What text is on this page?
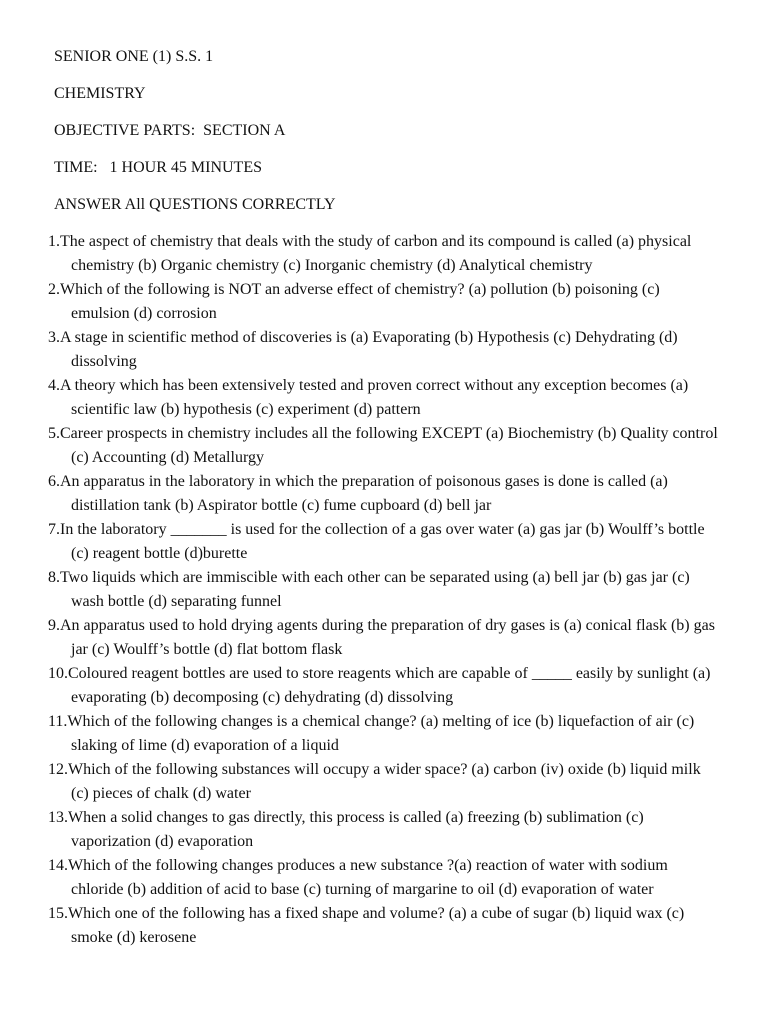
SENIOR ONE (1) S.S. 1
CHEMISTRY
OBJECTIVE PARTS:  SECTION A
TIME:   1 HOUR 45 MINUTES
ANSWER All QUESTIONS CORRECTLY

1.The aspect of chemistry that deals with the study of carbon and its compound is called (a) physical chemistry (b) Organic chemistry (c) Inorganic chemistry (d) Analytical chemistry

2.Which of the following is NOT an adverse effect of chemistry? (a) pollution (b) poisoning (c) emulsion (d) corrosion

3.A stage in scientific method of discoveries is (a) Evaporating (b) Hypothesis (c) Dehydrating (d) dissolving

4.A theory which has been extensively tested and proven correct without any exception becomes (a) scientific law (b) hypothesis (c) experiment (d) pattern

5.Career prospects in chemistry includes all the following EXCEPT (a) Biochemistry (b) Quality control (c) Accounting (d) Metallurgy

6.An apparatus in the laboratory in which the preparation of poisonous gases is done is called (a) distillation tank (b) Aspirator bottle (c) fume cupboard (d) bell jar

7.In the laboratory _______ is used for the collection of a gas over water (a) gas jar (b) Woulff’s bottle (c) reagent bottle (d)burette

8.Two liquids which are immiscible with each other can be separated using (a) bell jar (b) gas jar (c) wash bottle (d) separating funnel

9.An apparatus used to hold drying agents during the preparation of dry gases is (a) conical flask (b) gas jar (c) Woulff’s bottle (d) flat bottom flask

10.Coloured reagent bottles are used to store reagents which are capable of _____ easily by sunlight (a) evaporating (b) decomposing (c) dehydrating (d) dissolving

11.Which of the following changes is a chemical change? (a) melting of ice (b) liquefaction of air (c) slaking of lime (d) evaporation of a liquid

12.Which of the following substances will occupy a wider space? (a) carbon (iv) oxide (b) liquid milk (c) pieces of chalk (d) water

13.When a solid changes to gas directly, this process is called (a) freezing (b) sublimation (c) vaporization (d) evaporation

14.Which of the following changes produces a new substance ?(a) reaction of water with sodium chloride (b) addition of acid to base (c) turning of margarine to oil (d) evaporation of water

15.Which one of the following has a fixed shape and volume? (a) a cube of sugar (b) liquid wax (c) smoke (d) kerosene
